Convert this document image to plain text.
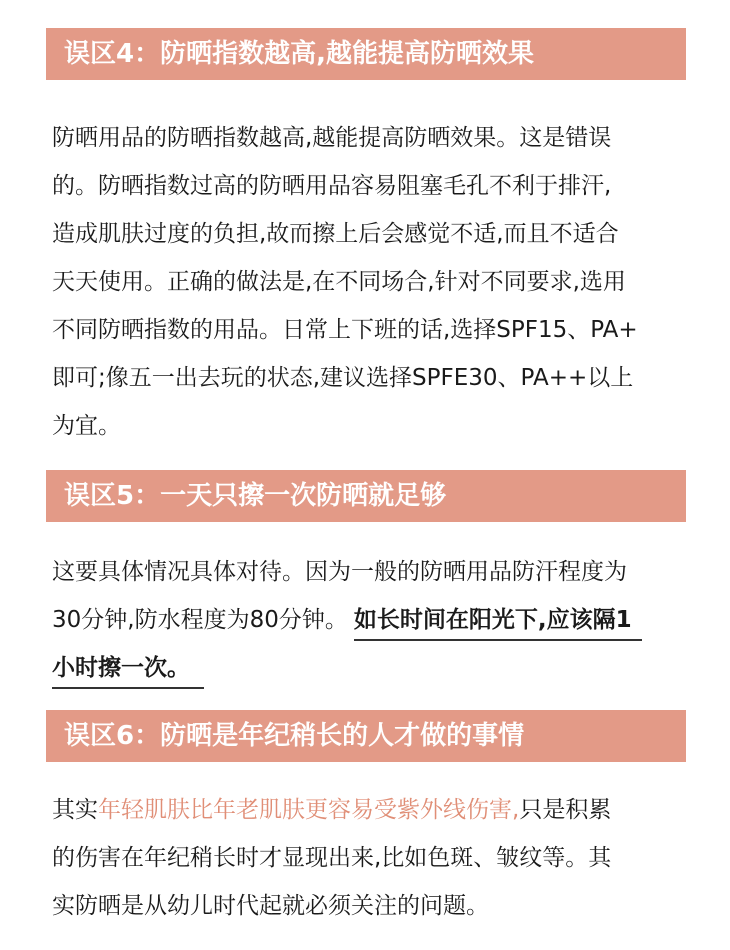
误区4：防晒指数越高,越能提高防晒效果
防晒用品的防晒指数越高,越能提高防晒效果。这是错误
的。防晒指数过高的防晒用品容易阻塞毛孔不利于排汗,
造成肌肤过度的负担,故而擦上后会感觉不适,而且不适合
天天使用。正确的做法是,在不同场合,针对不同要求,选用
不同防晒指数的用品。日常上下班的话,选择SPF15、PA+
即可;像五一出去玩的状态,建议选择SPFE30、PA++以上
为宜。
误区5：一天只擦一次防晒就足够
这要具体情况具体对待。因为一般的防晒用品防汗程度为
30分钟,防水程度为80分钟。 如长时间在阳光下,应该隔1
小时擦一次。
误区6：防晒是年纪稍长的人才做的事情
其实年轻肌肤比年老肌肤更容易受紫外线伤害,只是积累
的伤害在年纪稍长时才显现出来,比如色斑、皱纹等。其
实防晒是从幼儿时代起就必须关注的问题。
